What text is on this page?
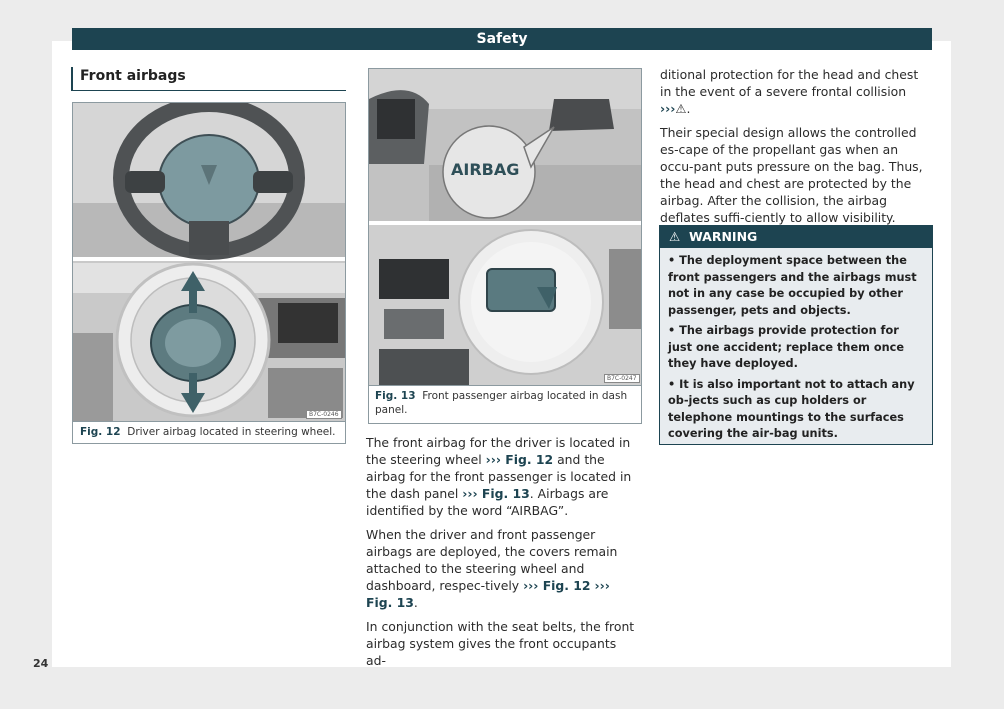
Safety
Front airbags
B7C-0246
Fig. 12 Driver airbag located in steering wheel.
AIRBAG
B7C-0247
Fig. 13 Front passenger airbag located in dash panel.

The front airbag for the driver is located in the steering wheel ››› Fig. 12 and the airbag for the front passenger is located in the dash panel ››› Fig. 13. Airbags are identified by the word “AIRBAG”.

When the driver and front passenger airbags are deployed, the covers remain attached to the steering wheel and dashboard, respec-tively ››› Fig. 12 ››› Fig. 13.

In conjunction with the seat belts, the front airbag system gives the front occupants ad-

ditional protection for the head and chest in the event of a severe frontal collision ›››⚠.

Their special design allows the controlled es-cape of the propellant gas when an occu-pant puts pressure on the bag. Thus, the head and chest are protected by the airbag. After the collision, the airbag deflates suffi-ciently to allow visibility.

⚠ WARNING
• The deployment space between the front passengers and the airbags must not in any case be occupied by other passenger, pets and objects.
• The airbags provide protection for just one accident; replace them once they have deployed.
• It is also important not to attach any ob-jects such as cup holders or telephone mountings to the surfaces covering the air-bag units.
24
